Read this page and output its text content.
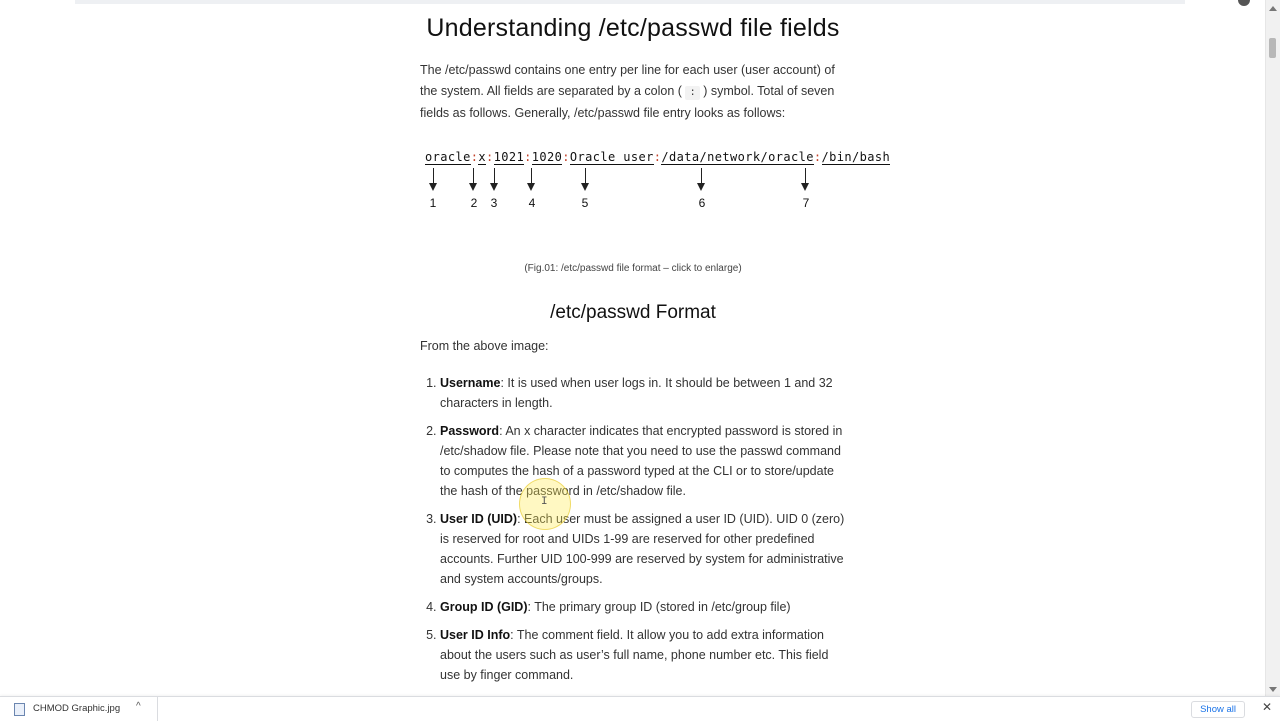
Understanding /etc/passwd file fields

The /etc/passwd contains one entry per line for each user (user account) of the system. All fields are separated by a colon ( : ) symbol. Total of seven fields as follows. Generally, /etc/passwd file entry looks as follows:

oracle:x:1021:1020:Oracle user:/data/network/oracle:/bin/bash
1	2 3	4	5	6	7
(Fig.01: /etc/passwd file format – click to enlarge)
/etc/passwd Format

From the above image:

1. Username: It is used when user logs in. It should be between 1 and 32 characters in length.
2. Password: An x character indicates that encrypted password is stored in /etc/shadow file. Please note that you need to use the passwd command to computes the hash of a password typed at the CLI or to store/update the hash of the password in /etc/shadow file.
3. User ID (UID): Each user must be assigned a user ID (UID). UID 0 (zero) is reserved for root and UIDs 1-99 are reserved for other predefined accounts. Further UID 100-999 are reserved by system for administrative and system accounts/groups.
4. Group ID (GID): The primary group ID (stored in /etc/group file)
5. User ID Info: The comment field. It allow you to add extra information about the users such as user’s full name, phone number etc. This field use by finger command.
I
CHMOD Graphic.jpg ^	Show all	✕
